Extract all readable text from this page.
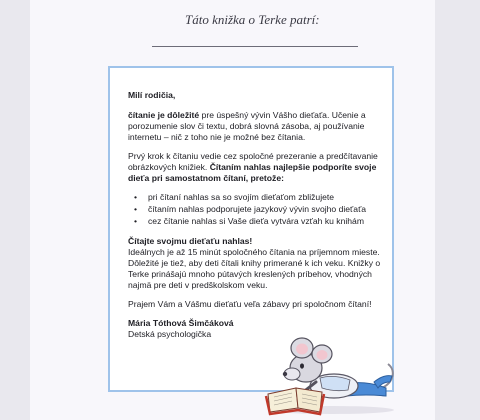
Táto knižka o Terke patrí:

Milí rodičia,

čítanie je dôležité pre úspešný vývin Vášho dieťaťa. Učenie a porozumenie slov či textu, dobrá slovná zásoba, aj používanie internetu – nič z toho nie je možné bez čítania.

Prvý krok k čítaniu vedie cez spoločné prezeranie a predčítavanie obrázkových knižiek. Čítaním nahlas najlepšie podporíte svoje dieťa pri samostatnom čítaní, pretože:

• pri čítaní nahlas sa so svojím dieťaťom zbližujete
• čítaním nahlas podporujete jazykový vývin svojho dieťaťa
• cez čítanie nahlas si Vaše dieťa vytvára vzťah ku knihám

Čítajte svojmu dieťaťu nahlas!
Ideálnych je až 15 minút spoločného čítania na príjemnom mieste. Dôležité je tiež, aby deti čítali knihy primerané k ich veku. Knižky o Terke prinášajú mnoho pútavých kreslených príbehov, vhodných najmä pre deti v predškolskom veku.

Prajem Vám a Vášmu dieťaťu veľa zábavy pri spoločnom čítaní!

Mária Tóthová Šimčáková

Detská psychologička
